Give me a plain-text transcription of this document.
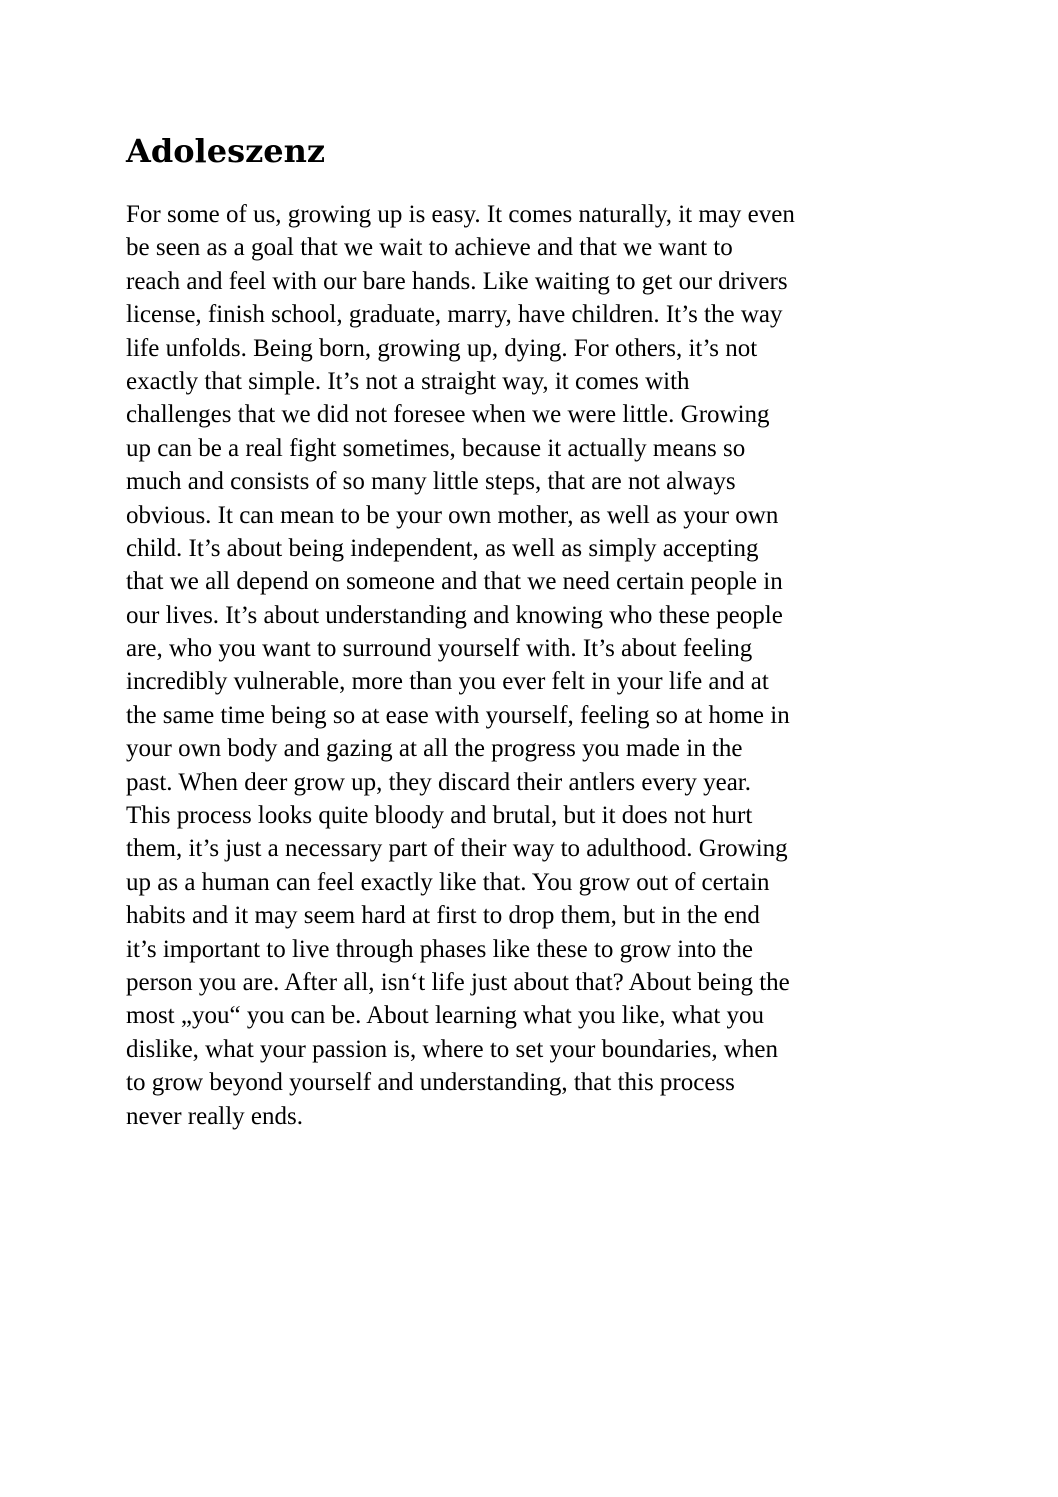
Adoleszenz
For some of us, growing up is easy. It comes naturally, it may even
be seen as a goal that we wait to achieve and that we want to
reach and feel with our bare hands. Like waiting to get our drivers
license, finish school, graduate, marry, have children. It’s the way
life unfolds. Being born, growing up, dying. For others, it’s not
exactly that simple. It’s not a straight way, it comes with
challenges that we did not foresee when we were little. Growing
up can be a real fight sometimes, because it actually means so
much and consists of so many little steps, that are not always
obvious. It can mean to be your own mother, as well as your own
child. It’s about being independent, as well as simply accepting
that we all depend on someone and that we need certain people in
our lives. It’s about understanding and knowing who these people
are, who you want to surround yourself with. It’s about feeling
incredibly vulnerable, more than you ever felt in your life and at
the same time being so at ease with yourself, feeling so at home in
your own body and gazing at all the progress you made in the
past. When deer grow up, they discard their antlers every year.
This process looks quite bloody and brutal, but it does not hurt
them, it’s just a necessary part of their way to adulthood. Growing
up as a human can feel exactly like that. You grow out of certain
habits and it may seem hard at first to drop them, but in the end
it’s important to live through phases like these to grow into the
person you are. After all, isn‘t life just about that? About being the
most „you“ you can be. About learning what you like, what you
dislike, what your passion is, where to set your boundaries, when
to grow beyond yourself and understanding, that this process
never really ends.
